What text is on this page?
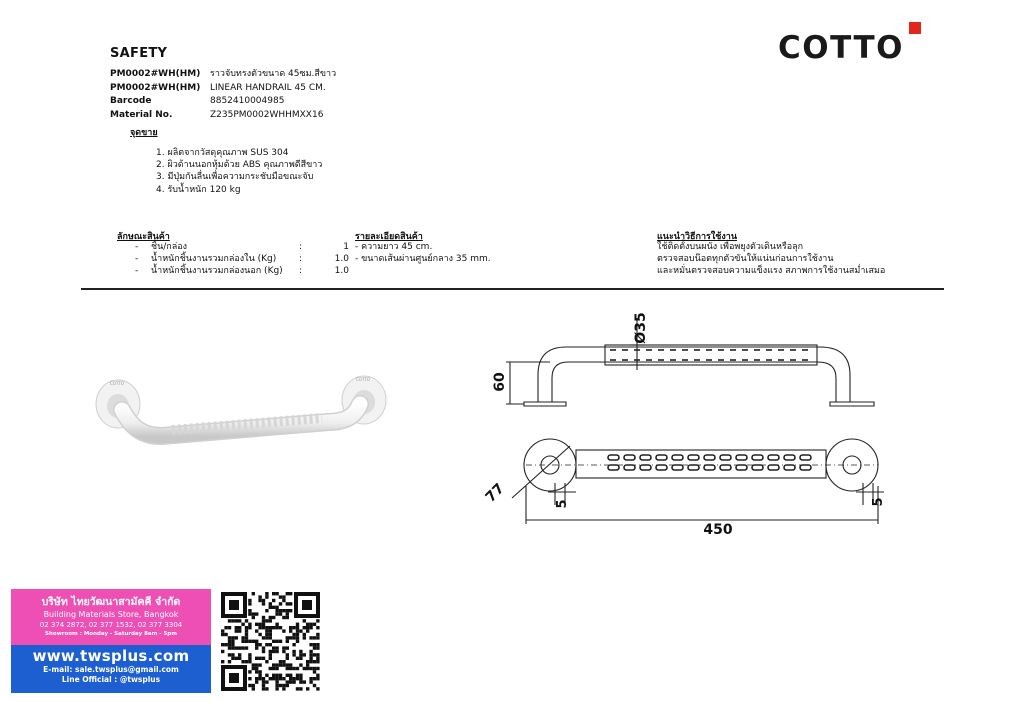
SAFETY
PM0002#WH(HM)	ราวจับทรงตัวขนาด 45ซม.สีขาว
PM0002#WH(HM)	LINEAR HANDRAIL 45 CM.
Barcode	8852410004985
Material No.	Z235PM0002WHHMXX16
COTTO
จุดขาย
1. ผลิตจากวัสดุคุณภาพ SUS 304
2. ผิวด้านนอกหุ้มด้วย ABS คุณภาพดีสีขาว
3. มีปุ่มกันลื่นเพื่อความกระชับมือขณะจับ
4. รับน้ำหนัก 120 kg
ลักษณะสินค้า	รายละเอียดสินค้า	แนะนำวิธีการใช้งาน
-	ชิ้น/กล่อง	:	1
-	น้ำหนักชิ้นงานรวมกล่องใน (Kg)	:	1.0
-	น้ำหนักชิ้นงานรวมกล่องนอก (Kg)	:	1.0
- ความยาว 45 cm.
- ขนาดเส้นผ่านศูนย์กลาง 35 mm.
ใช้ติดตั้งบนผนัง เพื่อพยุงตัวเดินหรือลุก
ตรวจสอบน๊อตทุกตัวขันให้แน่นก่อนการใช้งาน
และหมั่นตรวจสอบความแข็งแรง สภาพการใช้งานสม่ำเสมอ
COTTO
COTTO
Ø35
60
77	5	5
450
บริษัท ไทยวัฒนาสามัคคี จำกัด
Building Materials Store, Bangkok
02 374 2872, 02 377 1532, 02 377 3304
Showroom : Monday - Saturday 8am - 5pm
www.twsplus.com
E-mail: sale.twsplus@gmail.com
Line Official : @twsplus
